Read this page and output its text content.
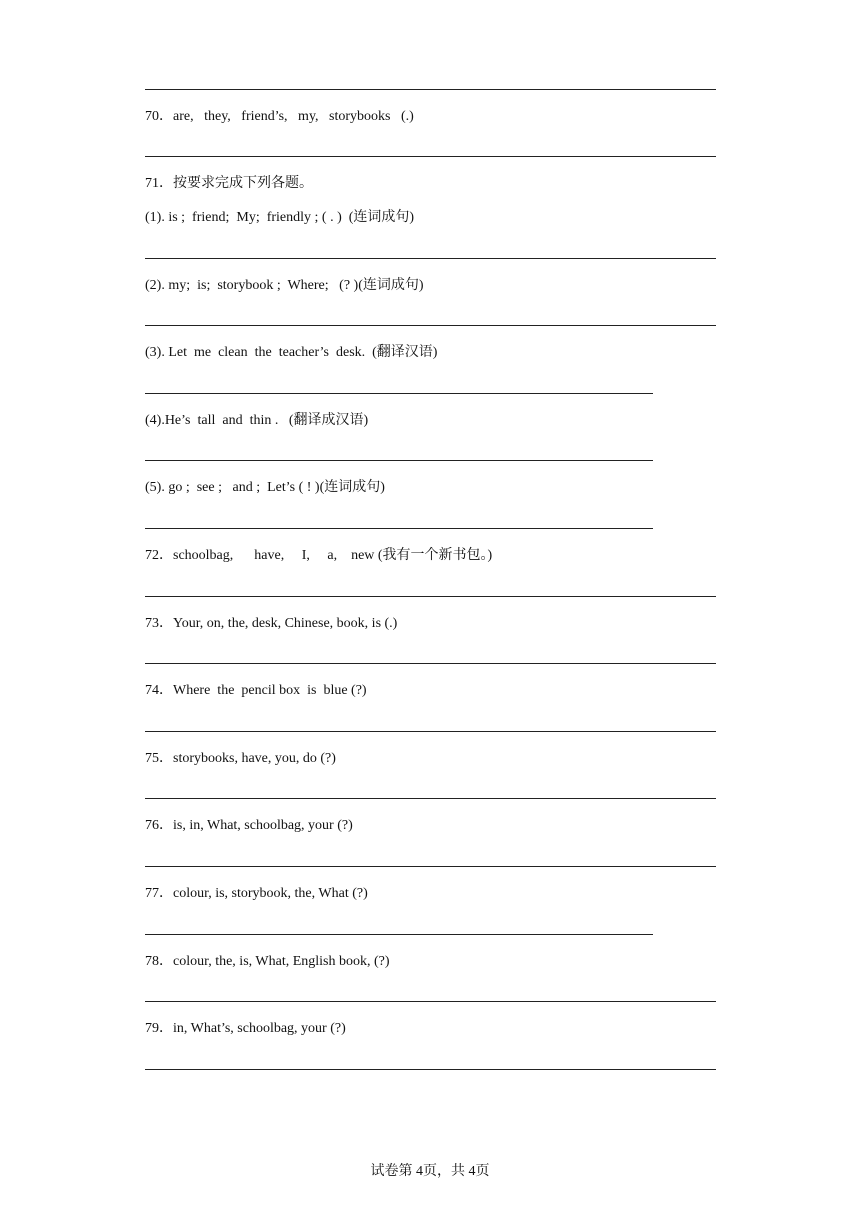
70．are,   they,   friend’s,   my,   storybooks   (.)
71．按要求完成下列各题。
(1). is ;  friend;  My;  friendly ; ( . )  (连词成句)
(2). my;  is;  storybook ;  Where;   (? )(连词成句)
(3). Let  me  clean  the  teacher’s  desk.  (翻译汉语)
(4).He’s  tall  and  thin .   (翻译成汉语)
(5). go ;  see ;   and ;  Let’s ( ! )(连词成句)
72．schoolbag,      have,     I,     a,    new (我有一个新书包。)
73．Your, on, the, desk, Chinese, book, is (.)
74．Where  the  pencil box  is  blue (?)
75．storybooks, have, you, do (?)
76．is, in, What, schoolbag, your (?)
77．colour, is, storybook, the, What (?)
78．colour, the, is, What, English book, (?)
79．in, What’s, schoolbag, your (?)
试卷第 4页，共 4页
